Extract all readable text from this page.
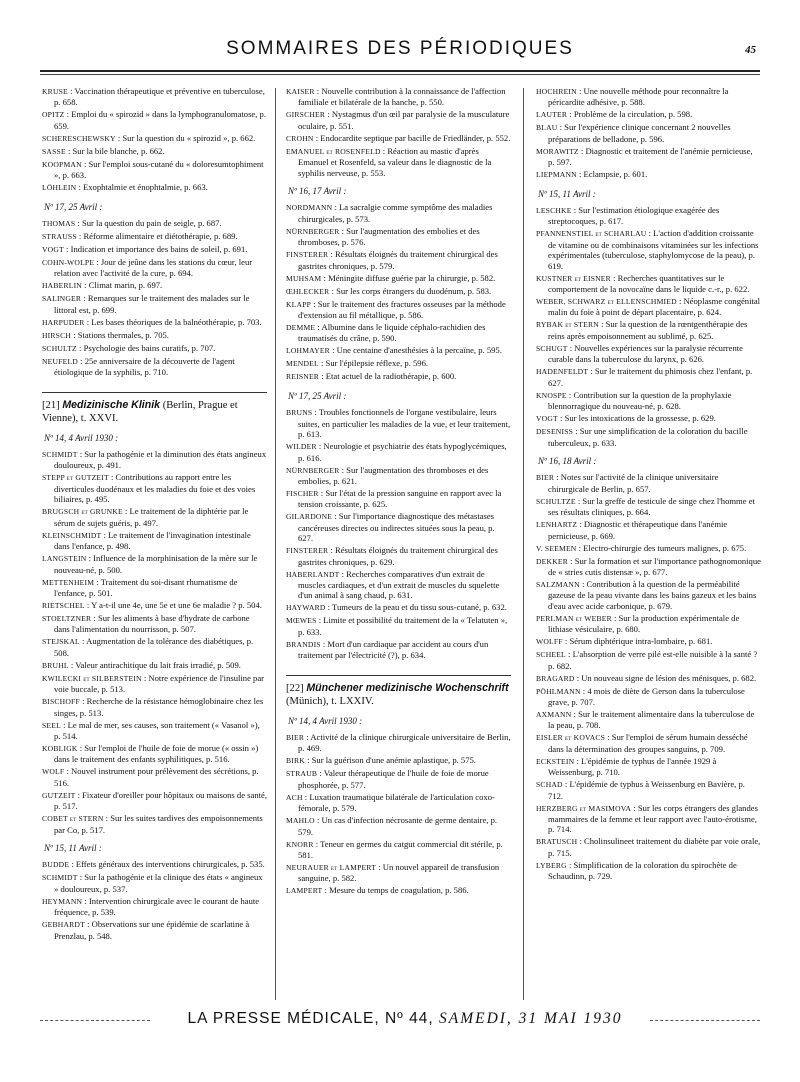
SOMMAIRES DES PÉRIODIQUES	45
KRUSE : Vaccination thérapeutique et préventive en tuberculose, p. 658.
OPITZ : Emploi du « spirozid » dans la lymphogranulomatose, p. 659.
SCHERESCHEWSKY : Sur la question du « spirozid », p. 662.
SASSE : Sur la bile blanche, p. 662.
KOOPMAN : Sur l'emploi sous-cutané du « doloresumtophiment », p. 663.
LÖHLEIN : Exophtalmie et énophtalmie, p. 663.
Nº 17, 25 Avril :
THOMAS : Sur la question du pain de seigle, p. 687.
STRAUSS : Réforme alimentaire et diétothérapie, p. 689.
VOGT : Indication et importance des bains de soleil, p. 691.
COHN-WOLPE : Jour de jeûne dans les stations du cœur, leur relation avec l'activité de la cure, p. 694.
HABERLIN : Climat marin, p. 697.
SALINGER : Remarques sur le traitement des malades sur le littoral est, p. 699.
HARPUDER : Les bases théoriques de la balnéothérapie, p. 703.
HIRSCH : Stations thermales, p. 705.
SCHULTZ : Psychologie des bains curatifs, p. 707.
NEUFELD : 25e anniversaire de la découverte de l'agent étiologique de la syphilis, p. 710.
[21] Medizinische Klinik (Berlin, Prague et Vienne), t. XXVI.
Nº 14, 4 Avril 1930 :
SCHMIDT : Sur la pathogénie et la diminution des états angineux douloureux, p. 491.
STEPP et GUTZEIT : Contributions au rapport entre les diverticules duodénaux et les maladies du foie et des voies biliaires, p. 495.
BRUGSCH et GRUNKE : Le traitement de la diphtérie par le sérum de sujets guéris, p. 497.
KLEINSCHMIDT : Le traitement de l'invagination intestinale dans l'enfance, p. 498.
LANGSTEIN : Influence de la morphinisation de la mère sur le nouveau-né, p. 500.
METTENHEIM : Traitement du soi-disant rhumatisme de l'enfance, p. 501.
RIETSCHEL : Y a-t-il une 4e, une 5e et une 6e maladie ? p. 504.
STOELTZNER : Sur les aliments à base d'hydrate de carbone dans l'alimentation du nourrisson, p. 507.
STEJSKAL : Augmentation de la tolérance des diabétiques, p. 508.
BRUHL : Valeur antirachitique du lait frais irradié, p. 509.
KWILECKI et SILBERSTEIN : Notre expérience de l'insuline par voie buccale, p. 513.
BISCHOFF : Recherche de la résistance hémoglobinaire chez les singes, p. 513.
SEEL : Le mal de mer, ses causes, son traitement (« Vasanol »), p. 514.
KOBLIGK : Sur l'emploi de l'huile de foie de morue (« ossin ») dans le traitement des enfants syphilitiques, p. 516.
WOLF : Nouvel instrument pour prélèvement des sécrétions, p. 516.
GUTZEIT : Fixateur d'oreiller pour hôpitaux ou maisons de santé, p. 517.
COBET et STERN : Sur les suites tardives des empoisonnements par Co, p. 517.
Nº 15, 11 Avril :
BUDDE : Effets généraux des interventions chirurgicales, p. 535.
SCHMIDT : Sur la pathogénie et la clinique des états « angineux » douloureux, p. 537.
HEYMANN : Intervention chirurgicale avec le courant de haute fréquence, p. 539.
GEBHARDT : Observations sur une épidémie de scarlatine à Prenzlau, p. 548.
KAISER : Nouvelle contribution à la connaissance de l'affection familiale et bilatérale de la hanche, p. 550.
GIRSCHER : Nystagmus d'un œil par paralysie de la musculature oculaire, p. 551.
CROHN : Endocardite septique par bacille de Friedländer, p. 552.
EMANUEL et ROSENFELD : Réaction au mastic d'après Emanuel et Rosenfeld, sa valeur dans le diagnostic de la syphilis nerveuse, p. 553.
Nº 16, 17 Avril :
NORDMANN : La sacralgie comme symptôme des maladies chirurgicales, p. 573.
NÜRNBERGER : Sur l'augmentation des embolies et des thromboses, p. 576.
FINSTERER : Résultats éloignés du traitement chirurgical des gastrites chroniques, p. 579.
MUHSAM : Méningite diffuse guérie par la chirurgie, p. 582.
ŒHLECKER : Sur les corps étrangers du duodénum, p. 583.
KLAPP : Sur le traitement des fractures osseuses par la méthode d'extension au fil métallique, p. 586.
DEMME : Albumine dans le liquide céphalo-rachidien des traumatisés du crâne, p. 590.
LOHMAYER : Une centaine d'anesthésies à la percaïne, p. 595.
MENDEL : Sur l'épilepsie réflexe, p. 596.
REISNER : Etat actuel de la radiothérapie, p. 600.
Nº 17, 25 Avril :
BRUNS : Troubles fonctionnels de l'organe vestibulaire, leurs suites, en particulier les maladies de la vue, et leur traitement, p. 613.
WILDER : Neurologie et psychiatrie des états hypoglycémiques, p. 616.
NÜRNBERGER : Sur l'augmentation des thromboses et des embolies, p. 621.
FISCHER : Sur l'état de la pression sanguine en rapport avec la tension croissante, p. 625.
GILARDONE : Sur l'importance diagnostique des métastases cancéreuses directes ou indirectes situées sous la peau, p. 627.
FINSTERER : Résultats éloignés du traitement chirurgical des gastrites chroniques, p. 629.
HABERLANDT : Recherches comparatives d'un extrait de muscles cardiaques, et d'un extrait de muscles du squelette d'un animal à sang chaud, p. 631.
HAYWARD : Tumeurs de la peau et du tissu sous-cutané, p. 632.
MŒWES : Limite et possibilité du traitement de la « Telatuten », p. 633.
BRANDIS : Mort d'un cardiaque par accident au cours d'un traitement par l'électricité (?), p. 634.
[22] Münchener medizinische Wochenschrift (Münich), t. LXXIV.
Nº 14, 4 Avril 1930 :
BIER : Activité de la clinique chirurgicale universitaire de Berlin, p. 469.
BIRK : Sur la guérison d'une anémie aplastique, p. 575.
STRAUB : Valeur thérapeutique de l'huile de foie de morue phosphorée, p. 577.
ACH : Luxation traumatique bilatérale de l'articulation coxo-fémorale, p. 579.
MAHLO : Un cas d'infection nécrosante de germe dentaire, p. 579.
KNORR : Teneur en germes du catgut commercial dit stérile, p. 581.
NEURAUER et LAMPERT : Un nouvel appareil de transfusion sanguine, p. 582.
LAMPERT : Mesure du temps de coagulation, p. 586.
HOCHREIN : Une nouvelle méthode pour reconnaître la péricardite adhésive, p. 588.
LAUTER : Problème de la circulation, p. 598.
BLAU : Sur l'expérience clinique concernant 2 nouvelles préparations de belladone, p. 596.
MORAWITZ : Diagnostic et traitement de l'anémie pernicieuse, p. 597.
LIEPMANN : Eclampsie, p. 601.
Nº 15, 11 Avril :
LESCHKE : Sur l'estimation étiologique exagérée des streptocoques, p. 617.
PFANNENSTIEL et SCHARLAU : L'action d'addition croissante de vitamine ou de combinaisons vitaminées sur les infections expérimentales (tuberculose, staphylomycose de la peau), p. 619.
KUSTNER et EISNER : Recherches quantitatives sur le comportement de la novocaïne dans le liquide c.-r., p. 622.
WEBER, SCHWARZ et ELLENSCHMIED : Néoplasme congénital malin du foie à point de départ placentaire, p. 624.
RYBAK et STERN : Sur la question de la rœntgenthérapie des reins après empoisonnement au sublimé, p. 625.
SCHUGT : Nouvelles expériences sur la paralysie récurrente curable dans la tuberculose du larynx, p. 626.
HADENFELDT : Sur le traitement du phimosis chez l'enfant, p. 627.
KNOSPE : Contribution sur la question de la prophylaxie blennorragique du nouveau-né, p. 628.
VOGT : Sur les intoxications de la grossesse, p. 629.
DESENISS : Sur une simplification de la coloration du bacille tuberculeux, p. 633.
Nº 16, 18 Avril :
BIER : Notes sur l'activité de la clinique universitaire chirurgicale de Berlin, p. 657.
SCHULTZE : Sur la greffe de testicule de singe chez l'homme et ses résultats cliniques, p. 664.
LENHARTZ : Diagnostic et thérapeutique dans l'anémie pernicieuse, p. 669.
V. SEEMEN : Electro-chirurgie des tumeurs malignes, p. 675.
DEKKER : Sur la formation et sur l'importance pathognomonique de « stries cutis distensæ », p. 677.
SALZMANN : Contribution à la question de la perméabilité gazeuse de la peau vivante dans les bains gazeux et les bains d'eau avec acide carbonique, p. 679.
PERLMAN et WEBER : Sur la production expérimentale de lithiase vésiculaire, p. 680.
WOLFF : Sérum diphtérique intra-lombaire, p. 681.
SCHEEL : L'absorption de verre pilé est-elle nuisible à la santé ? p. 682.
BRAGARD : Un nouveau signe de lésion des ménisques, p. 682.
PÖHLMANN : 4 mois de diète de Gerson dans la tuberculose grave, p. 707.
AXMANN : Sur le traitement alimentaire dans la tuberculose de la peau, p. 708.
EISLER et KOVACS : Sur l'emploi de sérum humain desséché dans la détermination des groupes sanguins, p. 709.
ECKSTEIN : L'épidémie de typhus de l'année 1929 à Weissenburg, p. 710.
SCHAD : L'épidémie de typhus à Weissenburg en Bavière, p. 712.
HERZBERG et MASIMOVA : Sur les corps étrangers des glandes mammaires de la femme et leur rapport avec l'auto-érotisme, p. 714.
BRATUSCH : Cholinsulineet traitement du diabète par voie orale, p. 715.
LYBERG : Simplification de la coloration du spirochète de Schaudinn, p. 729.
LA PRESSE MÉDICALE, Nº 44, SAMEDI, 31 MAI 1930
